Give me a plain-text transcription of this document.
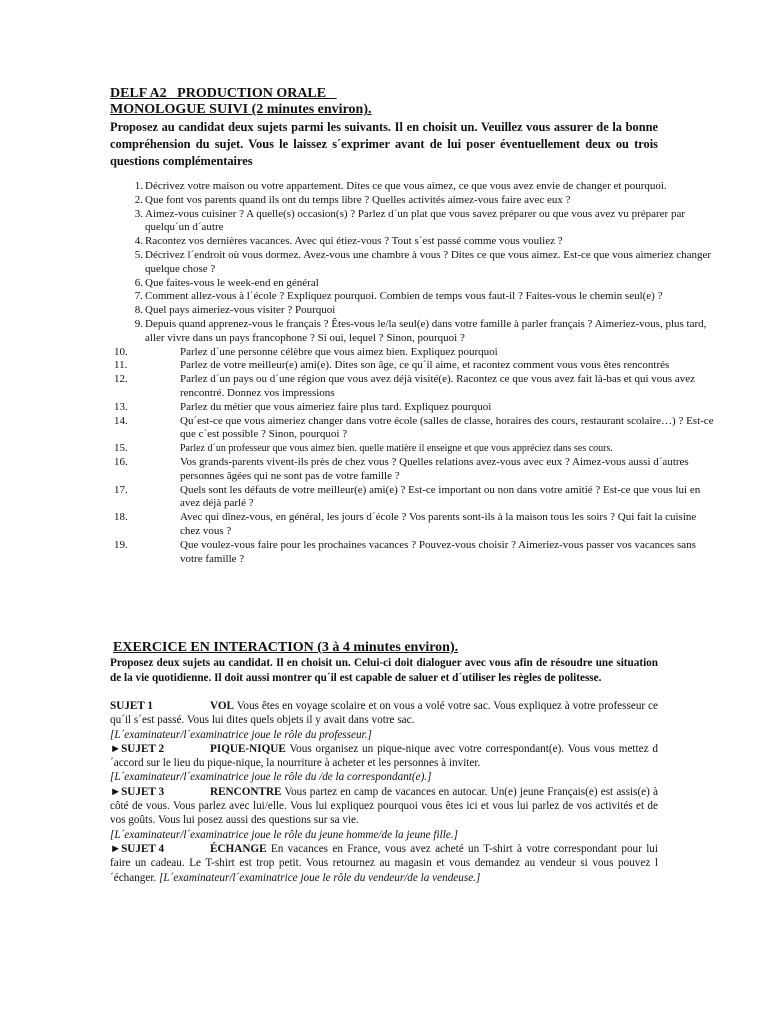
DELF A2   PRODUCTION ORALE
MONOLOGUE SUIVI (2 minutes environ).
Proposez au candidat deux sujets parmi les suivants. Il en choisit un. Veuillez vous assurer de la bonne compréhension du sujet. Vous le laissez s´exprimer avant de lui poser éventuellement deux ou trois questions complémentaires
1. Décrivez votre maison ou votre appartement. Dites ce que vous aimez, ce que vous avez envie de changer et pourquoi.
2. Que font vos parents quand ils ont du temps libre ? Quelles activités aimez-vous faire avec eux ?
3. Aimez-vous cuisiner ? A quelle(s) occasion(s) ? Parlez d´un plat que vous savez préparer ou que vous avez vu préparer par quelqu´un d´autre
4. Racontez vos dernières vacances. Avec qui étiez-vous ? Tout s´est passé comme vous vouliez ?
5. Décrivez l´endroit où vous dormez. Avez-vous une chambre à vous ? Dites ce que vous aimez. Est-ce que vous aimeriez changer quelque chose ?
6. Que faites-vous le week-end en général
7. Comment allez-vous à l´école ? Expliquez pourquoi. Combien de temps vous faut-il ? Faites-vous le chemin seul(e) ?
8. Quel pays aimeriez-vous visiter ? Pourquoi
9. Depuis quand apprenez-vous le français ? Êtes-vous le/la seul(e) dans votre famille à parler français ? Aimeriez-vous, plus tard, aller vivre dans un pays francophone ? Si oui, lequel ? Sinon, pourquoi ?
10.	Parlez d´une personne célèbre que vous aimez bien. Expliquez pourquoi
11.	Parlez de votre meilleur(e) ami(e). Dites son âge, ce qu´il aime, et racontez comment vous vous êtes rencontrés
12.	Parlez d´un pays ou d´une région que vous avez déjà visité(e). Racontez ce que vous avez fait là-bas et qui vous avez rencontré. Donnez vos impressions
13.	Parlez du métier que vous aimeriez faire plus tard. Expliquez pourquoi
14.	Qu´est-ce que vous aimeriez changer dans votre école (salles de classe, horaires des cours, restaurant scolaire…) ? Est-ce que c´est possible ? Sinon, pourquoi ?
15.	Parlez d´un professeur que vous aimez bien. quelle matière il enseigne et que vous appréciez dans ses cours.
16.	Vos grands-parents vivent-ils près de chez vous ? Quelles relations avez-vous avec eux ? Aimez-vous aussi d´autres personnes âgées qui ne sont pas de votre famille ?
17.	Quels sont les défauts de votre meilleur(e) ami(e) ? Est-ce important ou non dans votre amitié ? Est-ce que vous lui en avez déjà parlé ?
18.	Avec qui dînez-vous, en général, les jours d´école ? Vos parents sont-ils à la maison tous les soirs ? Qui fait la cuisine chez vous ?
19.	Que voulez-vous faire pour les prochaines vacances ? Pouvez-vous choisir ? Aimeriez-vous passer vos vacances sans votre famille ?
EXERCICE EN INTERACTION (3 à 4 minutes environ).
Proposez deux sujets au candidat. Il en choisit un. Celui-ci doit dialoguer avec vous afin de résoudre une situation de la vie quotidienne. Il doit aussi montrer qu´il est capable de saluer et d´utiliser les règles de politesse.
SUJET 1	VOL Vous êtes en voyage scolaire et on vous a volé votre sac. Vous expliquez à votre professeur ce qu´il s´est passé. Vous lui dites quels objets il y avait dans votre sac.
[L´examinateur/l´examinatrice joue le rôle du professeur.]
►SUJET 2	PIQUE-NIQUE Vous organisez un pique-nique avec votre correspondant(e). Vous vous mettez d´accord sur le lieu du pique-nique, la nourriture à acheter et les personnes à inviter.
[L´examinateur/l´examinatrice joue le rôle du /de la correspondant(e).]
►SUJET 3	RENCONTRE Vous partez en camp de vacances en autocar. Un(e) jeune Français(e) est assis(e) à côté de vous. Vous parlez avec lui/elle. Vous lui expliquez pourquoi vous êtes ici et vous lui parlez de vos activités et de vos goûts. Vous lui posez aussi des questions sur sa vie.
[L´examinateur/l´examinatrice joue le rôle du jeune homme/de la jeune fille.]
►SUJET 4	ÉCHANGE En vacances en France, vous avez acheté un T-shirt à votre correspondant pour lui faire un cadeau. Le T-shirt est trop petit. Vous retournez au magasin et vous demandez au vendeur si vous pouvez l´échanger. [L´examinateur/l´examinatrice joue le rôle du vendeur/de la vendeuse.]
